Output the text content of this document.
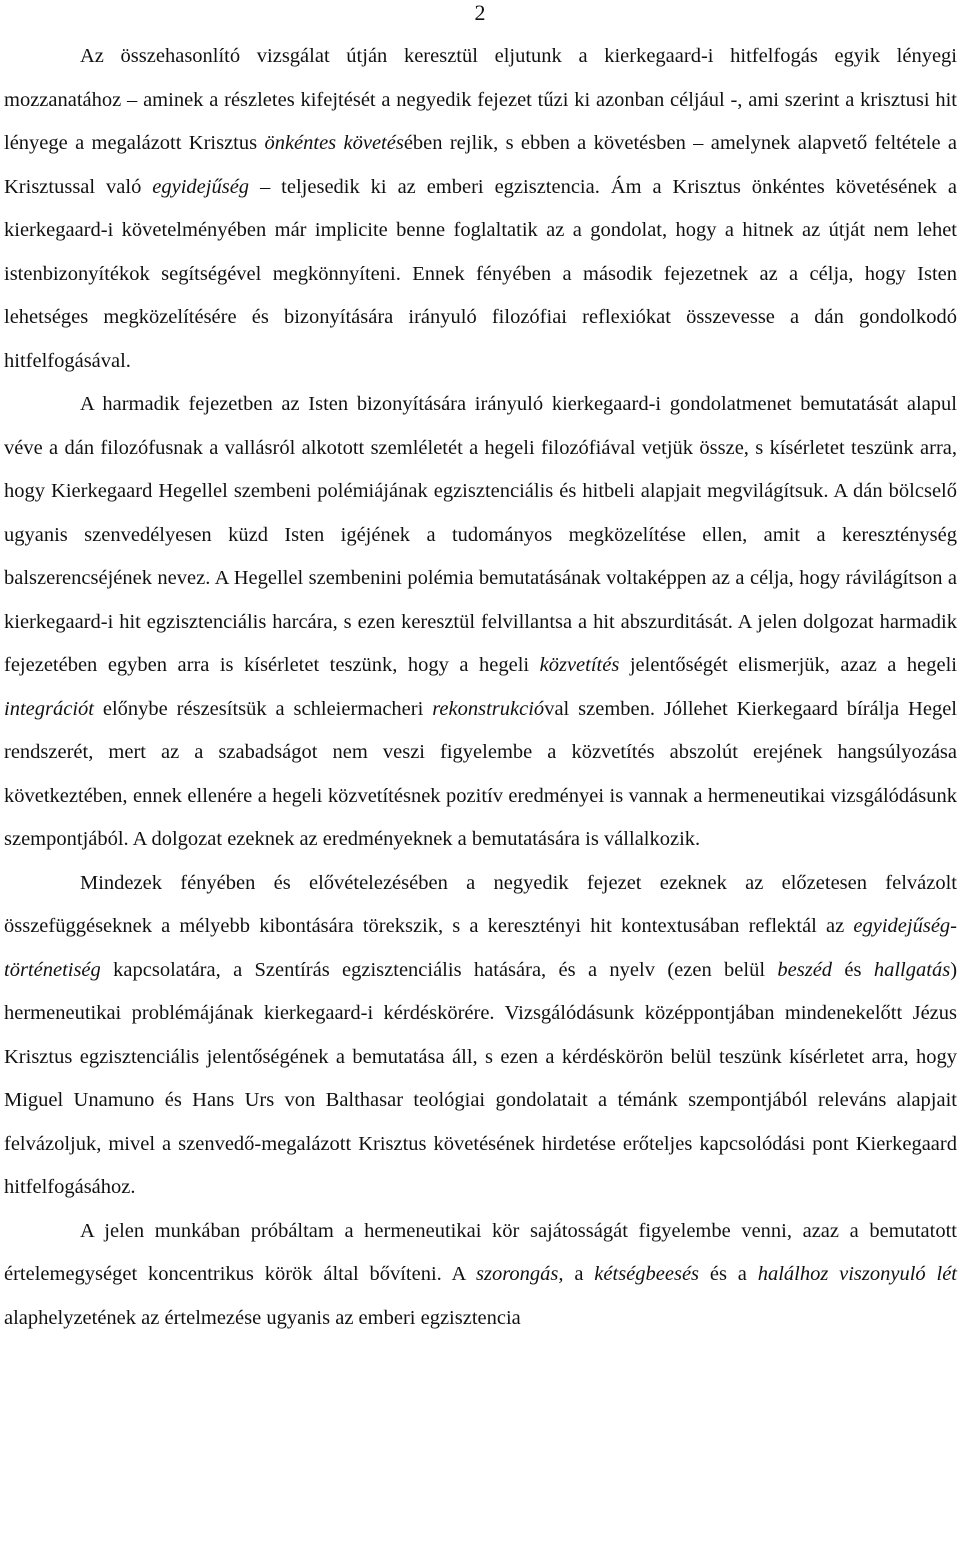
2

Az összehasonlító vizsgálat útján keresztül eljutunk a kierkegaard-i hitfelfogás egyik lényegi mozzanatához – aminek a részletes kifejtését a negyedik fejezet tűzi ki azonban céljául -, ami szerint a krisztusi hit lényege a megalázott Krisztus önkéntes követésében rejlik, s ebben a követésben – amelynek alapvető feltétele a Krisztussal való egyidejűség – teljesedik ki az emberi egzisztencia. Ám a Krisztus önkéntes követésének a kierkegaard-i követelményében már implicite benne foglaltatik az a gondolat, hogy a hitnek az útját nem lehet istenbizonyítékok segítségével megkönnyíteni. Ennek fényében a második fejezetnek az a célja, hogy Isten lehetséges megközelítésére és bizonyítására irányuló filozófiai reflexiókat összevesse a dán gondolkodó hitfelfogásával.

A harmadik fejezetben az Isten bizonyítására irányuló kierkegaard-i gondolatmenet bemutatását alapul véve a dán filozófusnak a vallásról alkotott szemléletét a hegeli filozófiával vetjük össze, s kísérletet teszünk arra, hogy Kierkegaard Hegellel szembeni polémiájának egzisztenciális és hitbeli alapjait megvilágítsuk. A dán bölcselő ugyanis szenvedélyesen küzd Isten igéjének a tudományos megközelítése ellen, amit a kereszténység balszerencséjének nevez. A Hegellel szembenini polémia bemutatásának voltaképpen az a célja, hogy rávilágítson a kierkegaard-i hit egzisztenciális harcára, s ezen keresztül felvillantsa a hit abszurditását. A jelen dolgozat harmadik fejezetében egyben arra is kísérletet teszünk, hogy a hegeli közvetítés jelentőségét elismerjük, azaz a hegeli integrációt előnybe részesítsük a schleiermacheri rekonstrukcióval szemben. Jóllehet Kierkegaard bírálja Hegel rendszerét, mert az a szabadságot nem veszi figyelembe a közvetítés abszolút erejének hangsúlyozása következtében, ennek ellenére a hegeli közvetítésnek pozitív eredményei is vannak a hermeneutikai vizsgálódásunk szempontjából. A dolgozat ezeknek az eredményeknek a bemutatására is vállalkozik.

Mindezek fényében és elővételezésében a negyedik fejezet ezeknek az előzetesen felvázolt összefüggéseknek a mélyebb kibontására törekszik, s a keresztényi hit kontextusában reflektál az egyidejűség-történetiség kapcsolatára, a Szentírás egzisztenciális hatására, és a nyelv (ezen belül beszéd és hallgatás) hermeneutikai problémájának kierkegaard-i kérdéskörére. Vizsgálódásunk középpontjában mindenekelőtt Jézus Krisztus egzisztenciális jelentőségének a bemutatása áll, s ezen a kérdéskörön belül teszünk kísérletet arra, hogy Miguel Unamuno és Hans Urs von Balthasar teológiai gondolatait a témánk szempontjából releváns alapjait felvázoljuk, mivel a szenvedő-megalázott Krisztus követésének hirdetése erőteljes kapcsolódási pont Kierkegaard hitfelfogásához.

A jelen munkában próbáltam a hermeneutikai kör sajátosságát figyelembe venni, azaz a bemutatott értelemegységet koncentrikus körök által bővíteni. A szorongás, a kétségbeesés és a halálhoz viszonyuló lét alaphelyzetének az értelmezése ugyanis az emberi egzisztencia
